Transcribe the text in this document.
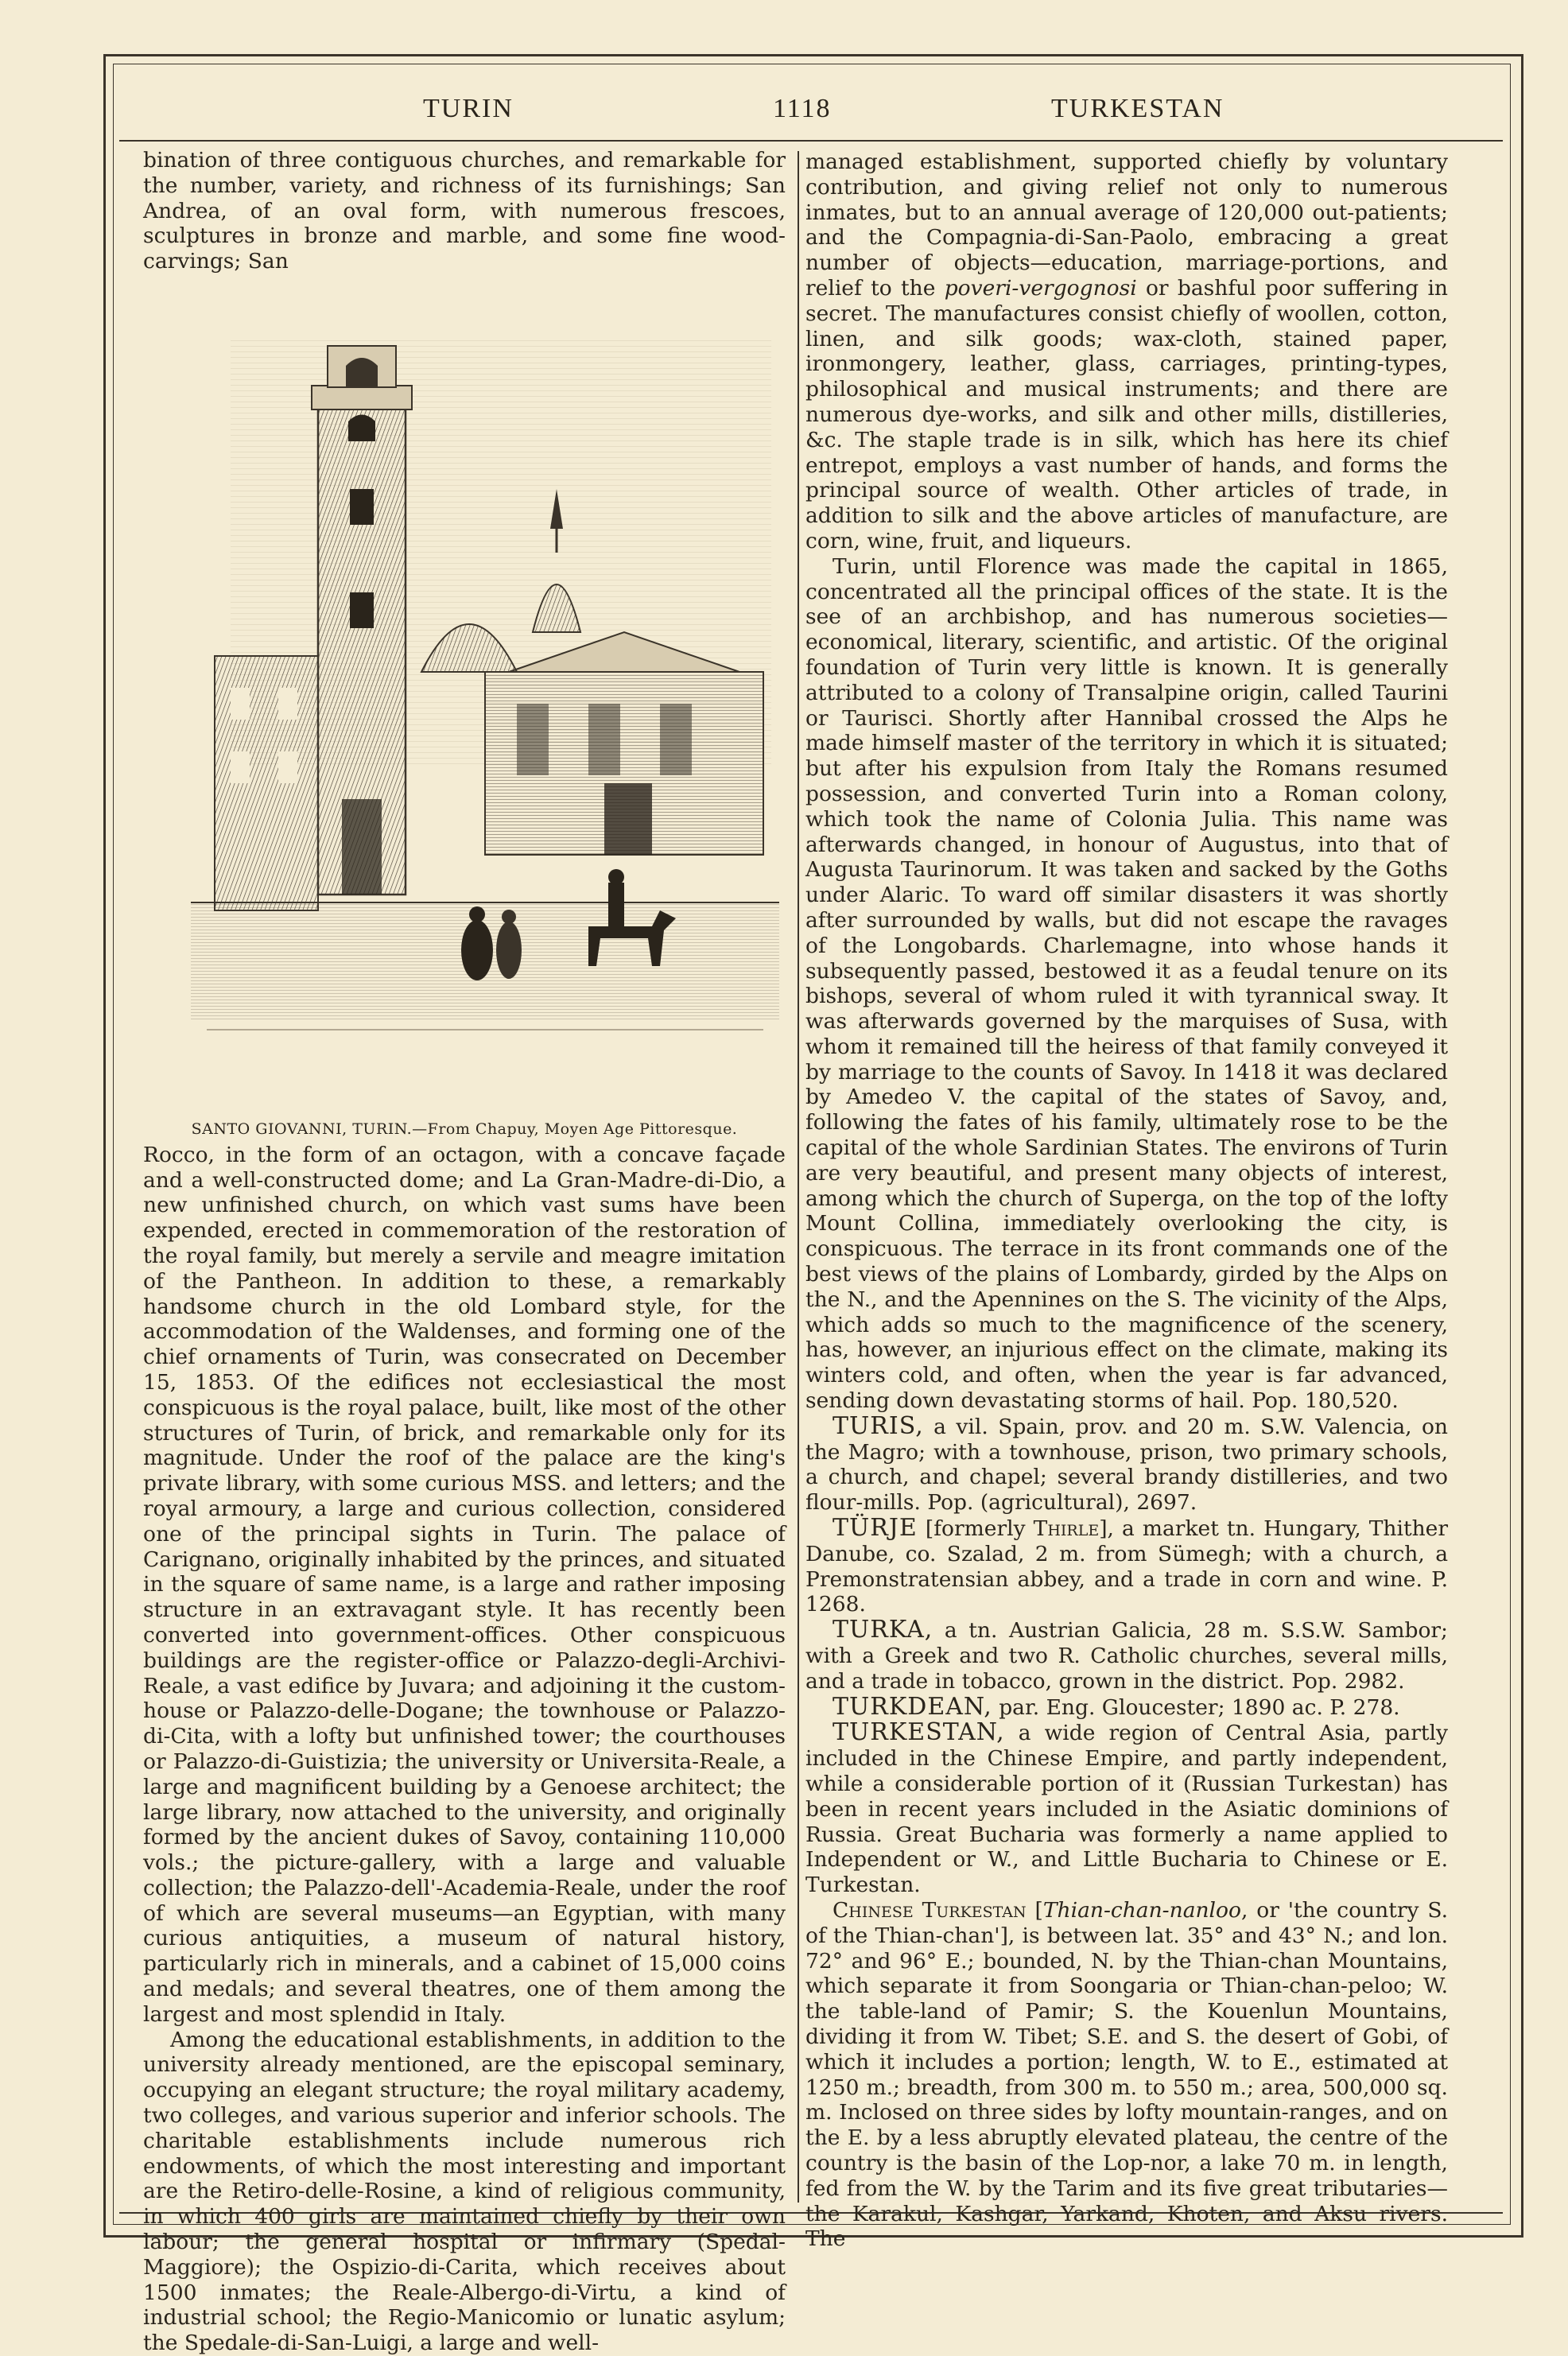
TURIN	1118	TURKESTAN

bination of three contiguous churches, and remarkable for the number, variety, and richness of its furnishings; San Andrea, of an oval form, with numerous frescoes, sculptures in bronze and marble, and some fine wood-carvings; San

SANTO GIOVANNI, TURIN.—From Chapuy, Moyen Age Pittoresque.

Rocco, in the form of an octagon, with a concave façade and a well-constructed dome; and La Gran-Madre-di-Dio, a new unfinished church, on which vast sums have been expended, erected in commemoration of the restoration of the royal family, but merely a servile and meagre imitation of the Pantheon. In addition to these, a remarkably handsome church in the old Lombard style, for the accommodation of the Waldenses, and forming one of the chief ornaments of Turin, was consecrated on December 15, 1853. Of the edifices not ecclesiastical the most conspicuous is the royal palace, built, like most of the other structures of Turin, of brick, and remarkable only for its magnitude. Under the roof of the palace are the king's private library, with some curious MSS. and letters; and the royal armoury, a large and curious collection, considered one of the principal sights in Turin. The palace of Carignano, originally inhabited by the princes, and situated in the square of same name, is a large and rather imposing structure in an extravagant style. It has recently been converted into government-offices. Other conspicuous buildings are the register-office or Palazzo-degli-Archivi-Reale, a vast edifice by Juvara; and adjoining it the custom-house or Palazzo-delle-Dogane; the townhouse or Palazzo-di-Cita, with a lofty but unfinished tower; the courthouses or Palazzo-di-Guistizia; the university or Universita-Reale, a large and magnificent building by a Genoese architect; the large library, now attached to the university, and originally formed by the ancient dukes of Savoy, containing 110,000 vols.; the picture-gallery, with a large and valuable collection; the Palazzo-dell'-Academia-Reale, under the roof of which are several museums—an Egyptian, with many curious antiquities, a museum of natural history, particularly rich in minerals, and a cabinet of 15,000 coins and medals; and several theatres, one of them among the largest and most splendid in Italy.

Among the educational establishments, in addition to the university already mentioned, are the episcopal seminary, occupying an elegant structure; the royal military academy, two colleges, and various superior and inferior schools. The charitable establishments include numerous rich endowments, of which the most interesting and important are the Retiro-delle-Rosine, a kind of religious community, in which 400 girls are maintained chiefly by their own labour; the general hospital or infirmary (Spedal-Maggiore); the Ospizio-di-Carita, which receives about 1500 inmates; the Reale-Albergo-di-Virtu, a kind of industrial school; the Regio-Manicomio or lunatic asylum; the Spedale-di-San-Luigi, a large and well-

managed establishment, supported chiefly by voluntary contribution, and giving relief not only to numerous inmates, but to an annual average of 120,000 out-patients; and the Compagnia-di-San-Paolo, embracing a great number of objects—education, marriage-portions, and relief to the poveri-vergognosi or bashful poor suffering in secret. The manufactures consist chiefly of woollen, cotton, linen, and silk goods; wax-cloth, stained paper, ironmongery, leather, glass, carriages, printing-types, philosophical and musical instruments; and there are numerous dye-works, and silk and other mills, distilleries, &c. The staple trade is in silk, which has here its chief entrepot, employs a vast number of hands, and forms the principal source of wealth. Other articles of trade, in addition to silk and the above articles of manufacture, are corn, wine, fruit, and liqueurs.

Turin, until Florence was made the capital in 1865, concentrated all the principal offices of the state. It is the see of an archbishop, and has numerous societies—economical, literary, scientific, and artistic. Of the original foundation of Turin very little is known. It is generally attributed to a colony of Transalpine origin, called Taurini or Taurisci. Shortly after Hannibal crossed the Alps he made himself master of the territory in which it is situated; but after his expulsion from Italy the Romans resumed possession, and converted Turin into a Roman colony, which took the name of Colonia Julia. This name was afterwards changed, in honour of Augustus, into that of Augusta Taurinorum. It was taken and sacked by the Goths under Alaric. To ward off similar disasters it was shortly after surrounded by walls, but did not escape the ravages of the Longobards. Charlemagne, into whose hands it subsequently passed, bestowed it as a feudal tenure on its bishops, several of whom ruled it with tyrannical sway. It was afterwards governed by the marquises of Susa, with whom it remained till the heiress of that family conveyed it by marriage to the counts of Savoy. In 1418 it was declared by Amedeo V. the capital of the states of Savoy, and, following the fates of his family, ultimately rose to be the capital of the whole Sardinian States. The environs of Turin are very beautiful, and present many objects of interest, among which the church of Superga, on the top of the lofty Mount Collina, immediately overlooking the city, is conspicuous. The terrace in its front commands one of the best views of the plains of Lombardy, girded by the Alps on the N., and the Apennines on the S. The vicinity of the Alps, which adds so much to the magnificence of the scenery, has, however, an injurious effect on the climate, making its winters cold, and often, when the year is far advanced, sending down devastating storms of hail. Pop. 180,520.

TURIS, a vil. Spain, prov. and 20 m. S.W. Valencia, on the Magro; with a townhouse, prison, two primary schools, a church, and chapel; several brandy distilleries, and two flour-mills. Pop. (agricultural), 2697.

TÜRJE [formerly Thirle], a market tn. Hungary, Thither Danube, co. Szalad, 2 m. from Sümegh; with a church, a Premonstratensian abbey, and a trade in corn and wine. P. 1268.

TURKA, a tn. Austrian Galicia, 28 m. S.S.W. Sambor; with a Greek and two R. Catholic churches, several mills, and a trade in tobacco, grown in the district. Pop. 2982.

TURKDEAN, par. Eng. Gloucester; 1890 ac. P. 278.

TURKESTAN, a wide region of Central Asia, partly included in the Chinese Empire, and partly independent, while a considerable portion of it (Russian Turkestan) has been in recent years included in the Asiatic dominions of Russia. Great Bucharia was formerly a name applied to Independent or W., and Little Bucharia to Chinese or E. Turkestan.

Chinese Turkestan [Thian-chan-nanloo, or 'the country S. of the Thian-chan'], is between lat. 35° and 43° N.; and lon. 72° and 96° E.; bounded, N. by the Thian-chan Mountains, which separate it from Soongaria or Thian-chan-peloo; W. the table-land of Pamir; S. the Kouenlun Mountains, dividing it from W. Tibet; S.E. and S. the desert of Gobi, of which it includes a portion; length, W. to E., estimated at 1250 m.; breadth, from 300 m. to 550 m.; area, 500,000 sq. m. Inclosed on three sides by lofty mountain-ranges, and on the E. by a less abruptly elevated plateau, the centre of the country is the basin of the Lop-nor, a lake 70 m. in length, fed from the W. by the Tarim and its five great tributaries—the Karakul, Kashgar, Yarkand, Khoten, and Aksu rivers. The
